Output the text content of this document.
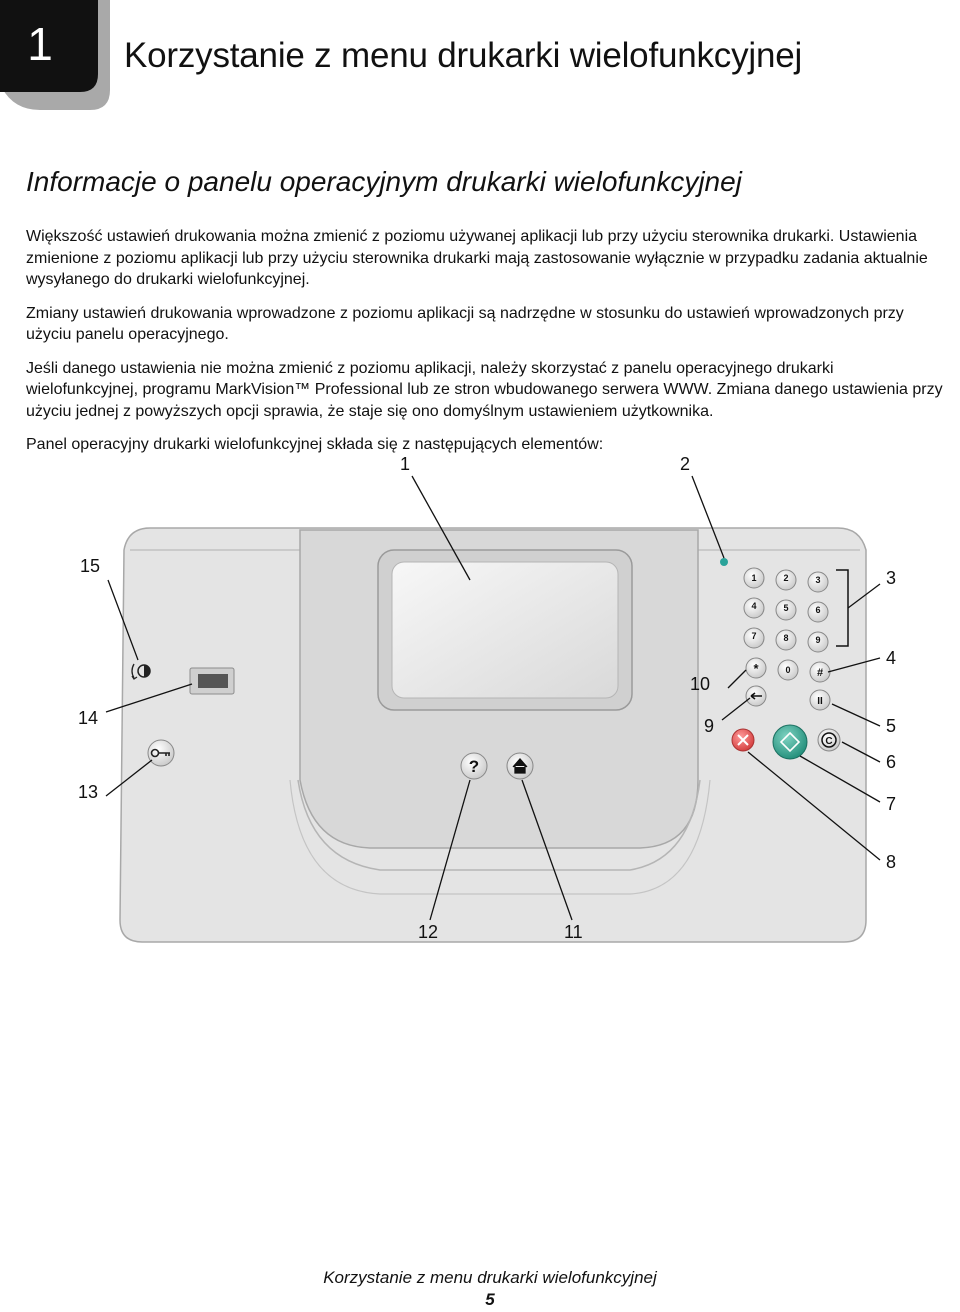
1 Korzystanie z menu drukarki wielofunkcyjnej
Informacje o panelu operacyjnym drukarki wielofunkcyjnej

Większość ustawień drukowania można zmienić z poziomu używanej aplikacji lub przy użyciu sterownika drukarki. Ustawienia zmienione z poziomu aplikacji lub przy użyciu sterownika drukarki mają zastosowanie wyłącznie w przypadku zadania aktualnie wysyłanego do drukarki wielofunkcyjnej.

Zmiany ustawień drukowania wprowadzone z poziomu aplikacji są nadrzędne w stosunku do ustawień wprowadzonych przy użyciu panelu operacyjnego.

Jeśli danego ustawienia nie można zmienić z poziomu aplikacji, należy skorzystać z panelu operacyjnego drukarki wielofunkcyjnej, programu MarkVision™ Professional lub ze stron wbudowanego serwera WWW. Zmiana danego ustawienia przy użyciu jednej z powyższych opcji sprawia, że staje się ono domyślnym ustawieniem użytkownika.

Panel operacyjny drukarki wielofunkcyjnej składa się z następujących elementów:

?
1	2	3
4	5	6
7	8	9
*	0 #
II
C
1	2
3
4
5
6
7
8
9
10
11
12
13
14
15
Korzystanie z menu drukarki wielofunkcyjnej
5
